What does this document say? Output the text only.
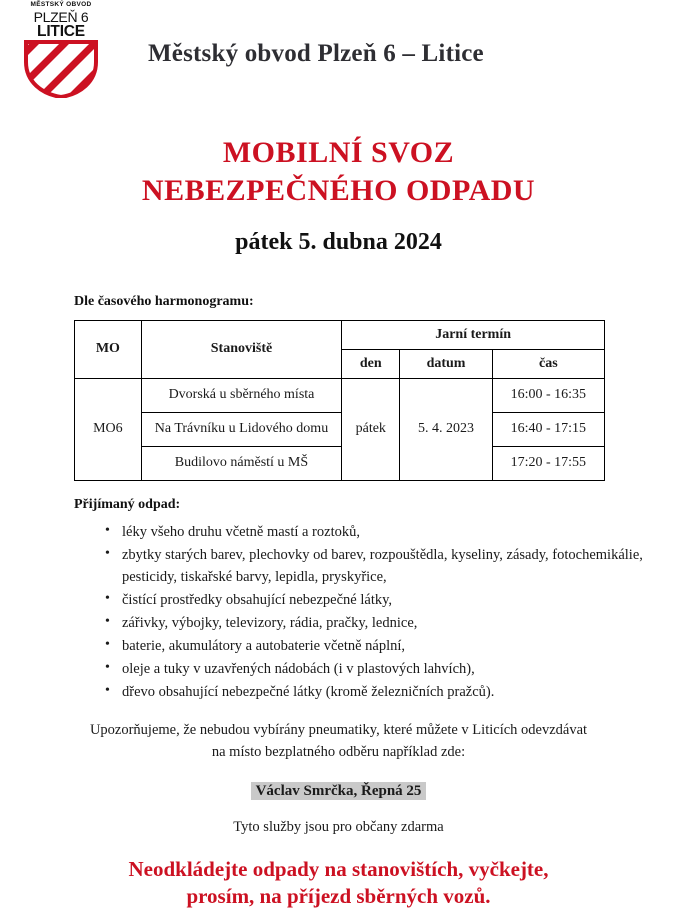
MĚSTSKÝ OBVOD
PLZEŇ 6
LITICE
Městský obvod Plzeň 6 – Litice
MOBILNÍ SVOZ
NEBEZPEČNÉHO ODPADU
pátek 5. dubna 2024
Dle časového harmonogramu:
MO	Stanoviště	Jarní termín		
		den	datum	čas
MO6	Dvorská u sběrného místa	pátek	5. 4. 2023	16:00 - 16:35
	Na Trávníku u Lidového domu			16:40 - 17:15
	Budilovo náměstí u MŠ			17:20 - 17:55
Přijímaný odpad:
• léky všeho druhu včetně mastí a roztoků,
• zbytky starých barev, plechovky od barev, rozpouštědla, kyseliny, zásady, fotochemikálie, pesticidy, tiskařské barvy, lepidla, pryskyřice,
• čistící prostředky obsahující nebezpečné látky,
• zářivky, výbojky, televizory, rádia, pračky, lednice,
• baterie, akumulátory a autobaterie včetně náplní,
• oleje a tuky v uzavřených nádobách (i v plastových lahvích),
• dřevo obsahující nebezpečné látky (kromě železničních pražců).
Upozorňujeme, že nebudou vybírány pneumatiky, které můžete v Liticích odevzdávat na místo bezplatného odběru například zde:
Václav Smrčka, Řepná 25
Tyto služby jsou pro občany zdarma
Neodkládejte odpady na stanovištích, vyčkejte,
prosím, na příjezd sběrných vozů.
